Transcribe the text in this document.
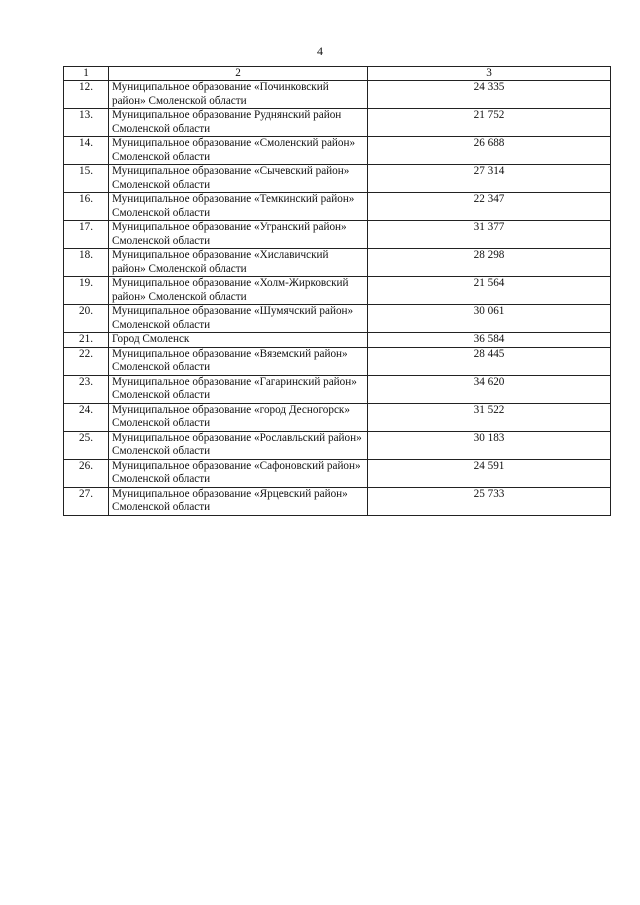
4
1	2	3
12.	Муниципальное образование «Починковский район» Смоленской области	24 335
13.	Муниципальное образование Руднянский район Смоленской области	21 752
14.	Муниципальное образование «Смоленский район» Смоленской области	26 688
15.	Муниципальное образование «Сычевский район» Смоленской области	27 314
16.	Муниципальное образование «Темкинский район» Смоленской области	22 347
17.	Муниципальное образование «Угранский район» Смоленской области	31 377
18.	Муниципальное образование «Хиславичский район» Смоленской области	28 298
19.	Муниципальное образование «Холм-Жирковский район» Смоленской области	21 564
20.	Муниципальное образование «Шумячский район» Смоленской области	30 061
21.	Город Смоленск	36 584
22.	Муниципальное образование «Вяземский район» Смоленской области	28 445
23.	Муниципальное образование «Гагаринский район» Смоленской области	34 620
24.	Муниципальное образование «город Десногорск» Смоленской области	31 522
25.	Муниципальное образование «Рославльский район» Смоленской области	30 183
26.	Муниципальное образование «Сафоновский район» Смоленской области	24 591
27.	Муниципальное образование «Ярцевский район» Смоленской области	25 733
